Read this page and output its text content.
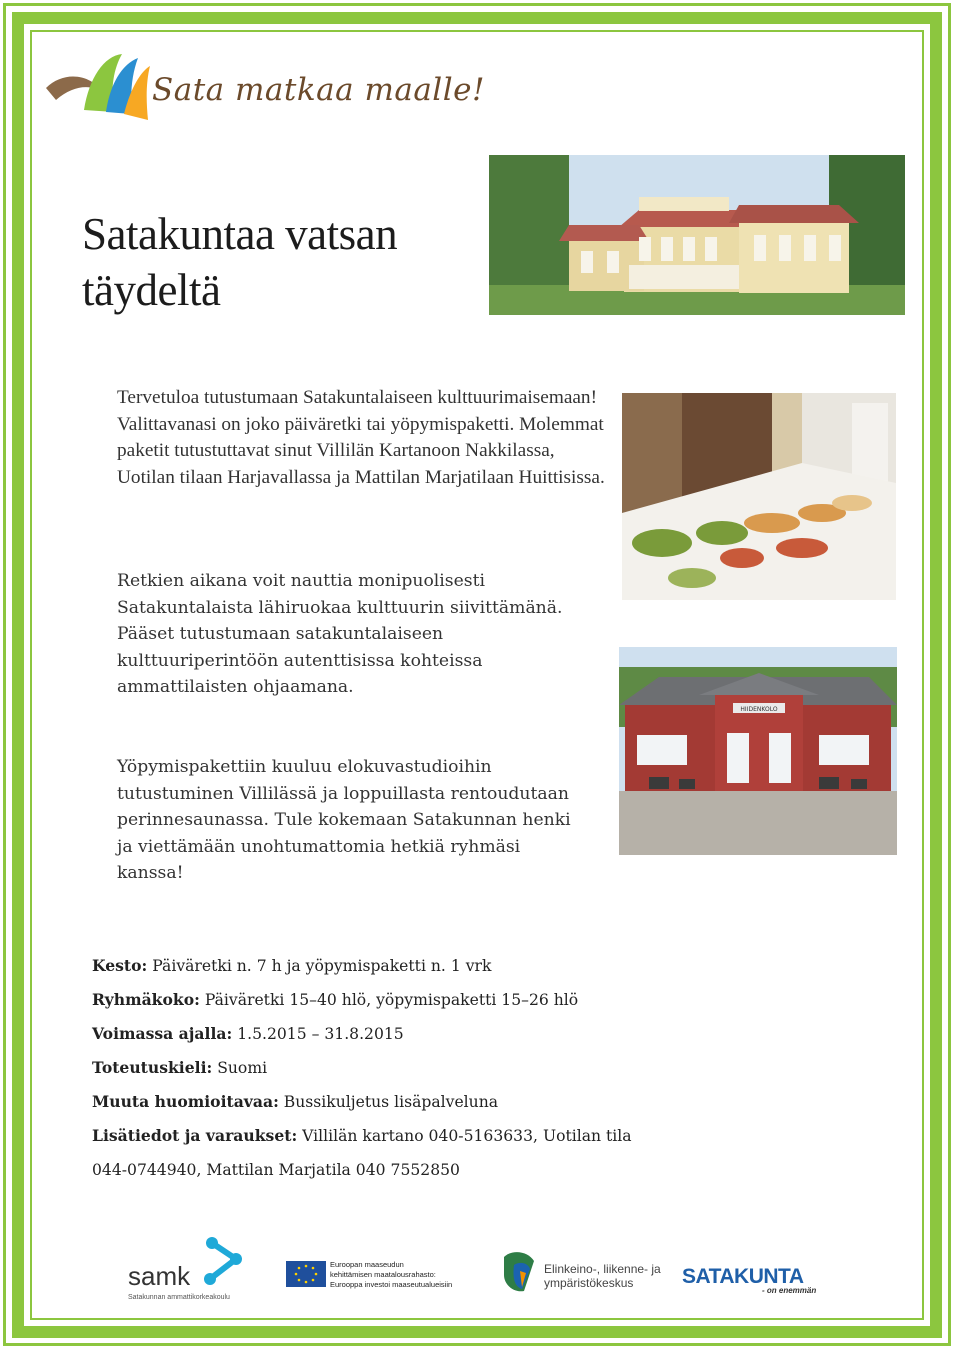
Sata matkaa maalle!
Satakuntaa vatsan
täydeltä
HIIDENKOLO

Tervetuloa tutustumaan Satakuntalaiseen kulttuurimaisemaan! Valittavanasi on joko päiväretki tai yöpymispaketti. Molemmat paketit tutustuttavat sinut Villilän Kartanoon Nakkilassa, Uotilan tilaan Harjavallassa ja Mattilan Marjatilaan Huittisissa.

Retkien aikana voit nauttia monipuolisesti Satakuntalaista lähiruokaa kulttuurin siivittämänä. Pääset tutustumaan satakuntalaiseen kulttuuriperintöön autenttisissa kohteissa ammattilaisten ohjaamana.

Yöpymispakettiin kuuluu elokuvastudioihin tutustuminen Villilässä ja loppuillasta rentoudutaan perinnesaunassa. Tule kokemaan Satakunnan henki ja viettämään unohtumattomia hetkiä ryhmäsi kanssa!

Kesto: Päiväretki n. 7 h ja yöpymispaketti n. 1 vrk
Ryhmäkoko: Päiväretki 15–40 hlö, yöpymispaketti 15–26 hlö
Voimassa ajalla: 1.5.2015 – 31.8.2015
Toteutuskieli: Suomi
Muuta huomioitavaa: Bussikuljetus lisäpalveluna
Lisätiedot ja varaukset: Villilän kartano 040-5163633, Uotilan tila
044-0744940, Mattilan Marjatila 040 7552850
samk
Satakunnan ammattikorkeakoulu
Euroopan maaseudun
kehittämisen maatalousrahasto:
Eurooppa investoi maaseutualueisiin
Elinkeino-, liikenne- ja
ympäristökeskus SATAKUNTA
- on enemmän
